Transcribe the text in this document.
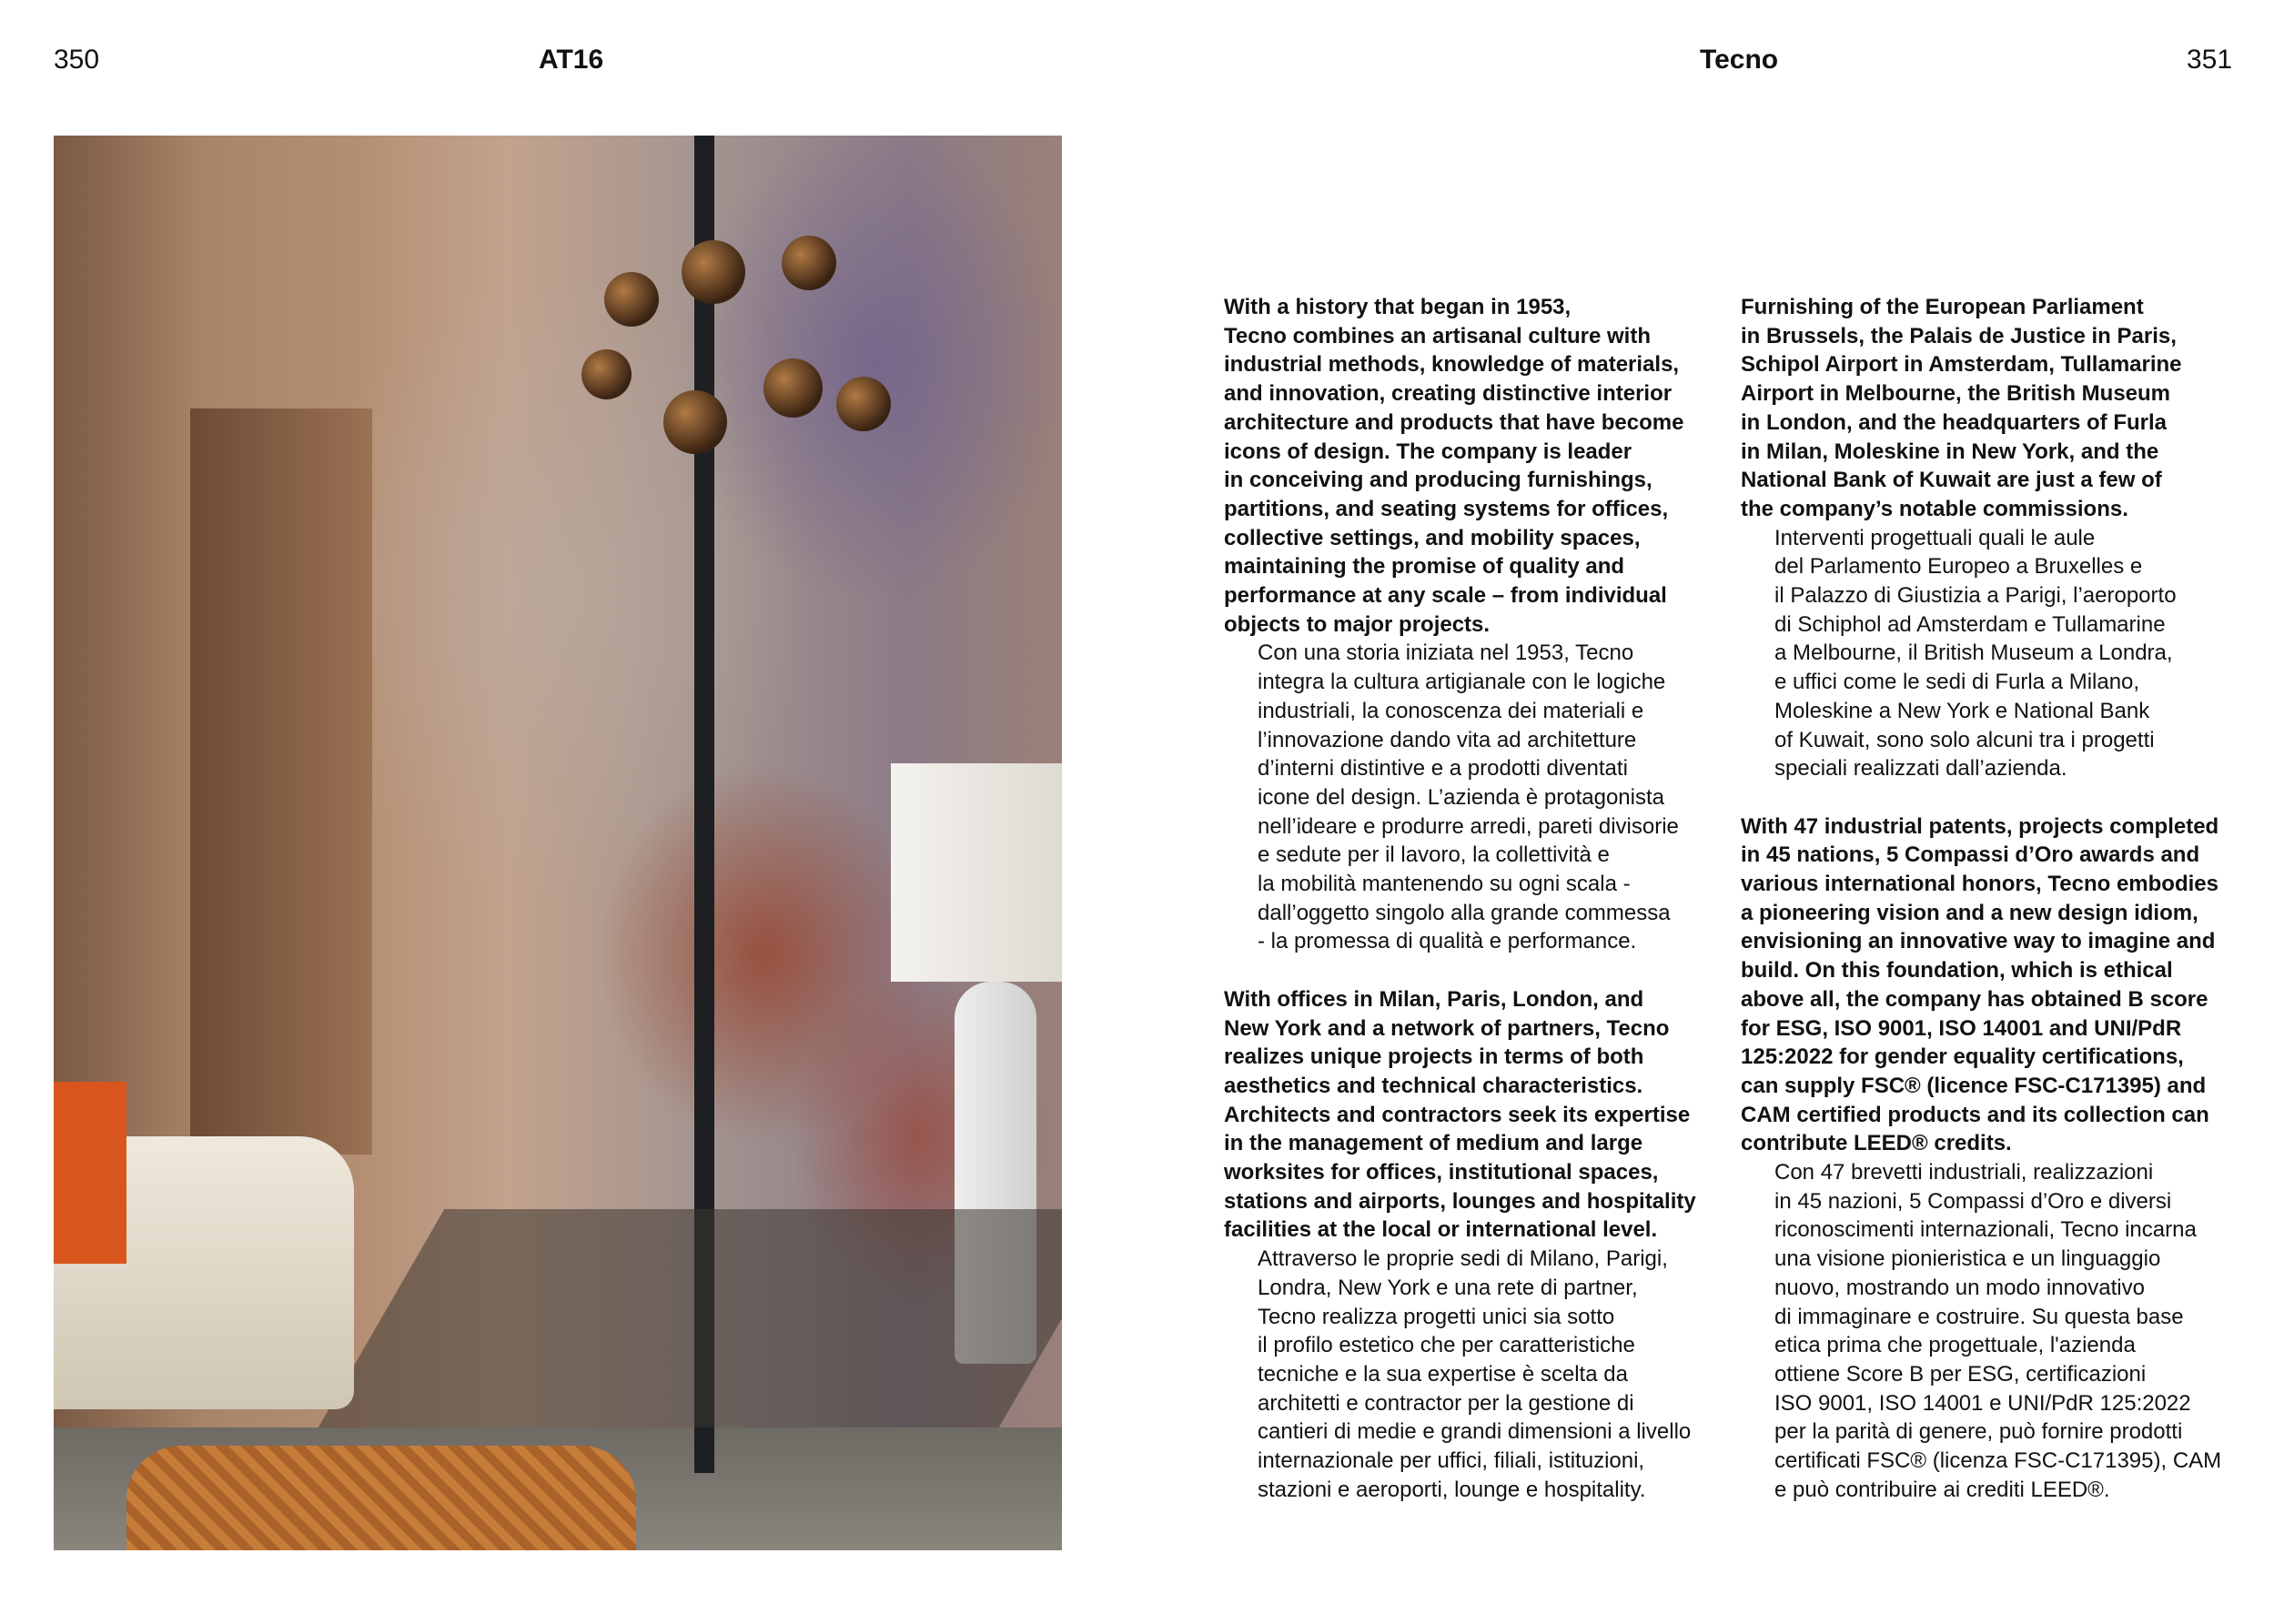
350	AT16	Tecno	351
With a history that began in 1953,
Tecno combines an artisanal culture with
industrial methods, knowledge of materials,
and innovation, creating distinctive interior
architecture and products that have become
icons of design. The company is leader
in conceiving and producing furnishings,
partitions, and seating systems for offices,
collective settings, and mobility spaces,
maintaining the promise of quality and
performance at any scale – from individual
objects to major projects.
Con una storia iniziata nel 1953, Tecno
integra la cultura artigianale con le logiche
industriali, la conoscenza dei materiali e
l’innovazione dando vita ad architetture
d’interni distintive e a prodotti diventati
icone del design. L’azienda è protagonista
nell’ideare e produrre arredi, pareti divisorie
e sedute per il lavoro, la collettività e
la mobilità mantenendo su ogni scala -
dall’oggetto singolo alla grande commessa
- la promessa di qualità e performance.
With offices in Milan, Paris, London, and
New York and a network of partners, Tecno
realizes unique projects in terms of both
aesthetics and technical characteristics.
Architects and contractors seek its expertise
in the management of medium and large
worksites for offices, institutional spaces,
stations and airports, lounges and hospitality
facilities at the local or international level.
Attraverso le proprie sedi di Milano, Parigi,
Londra, New York e una rete di partner,
Tecno realizza progetti unici sia sotto
il profilo estetico che per caratteristiche
tecniche e la sua expertise è scelta da
architetti e contractor per la gestione di
cantieri di medie e grandi dimensioni a livello
internazionale per uffici, filiali, istituzioni,
stazioni e aeroporti, lounge e hospitality.
Furnishing of the European Parliament
in Brussels, the Palais de Justice in Paris,
Schipol Airport in Amsterdam, Tullamarine
Airport in Melbourne, the British Museum
in London, and the headquarters of Furla
in Milan, Moleskine in New York, and the
National Bank of Kuwait are just a few of
the company’s notable commissions.
Interventi progettuali quali le aule
del Parlamento Europeo a Bruxelles e
il Palazzo di Giustizia a Parigi, l’aeroporto
di Schiphol ad Amsterdam e Tullamarine
a Melbourne, il British Museum a Londra,
e uffici come le sedi di Furla a Milano,
Moleskine a New York e National Bank
of Kuwait, sono solo alcuni tra i progetti
speciali realizzati dall’azienda.
With 47 industrial patents, projects completed
in 45 nations, 5 Compassi d’Oro awards and
various international honors, Tecno embodies
a pioneering vision and a new design idiom,
envisioning an innovative way to imagine and
build. On this foundation, which is ethical
above all, the company has obtained B score
for ESG, ISO 9001, ISO 14001 and UNI/PdR
125:2022 for gender equality certifications,
can supply FSC® (licence FSC-C171395) and
CAM certified products and its collection can
contribute LEED® credits.
Con 47 brevetti industriali, realizzazioni
in 45 nazioni, 5 Compassi d’Oro e diversi
riconoscimenti internazionali, Tecno incarna
una visione pionieristica e un linguaggio
nuovo, mostrando un modo innovativo
di immaginare e costruire. Su questa base
etica prima che progettuale, l'azienda
ottiene Score B per ESG, certificazioni
ISO 9001, ISO 14001 e UNI/PdR 125:2022
per la parità di genere, può fornire prodotti
certificati FSC® (licenza FSC-C171395), CAM
e può contribuire ai crediti LEED®.
